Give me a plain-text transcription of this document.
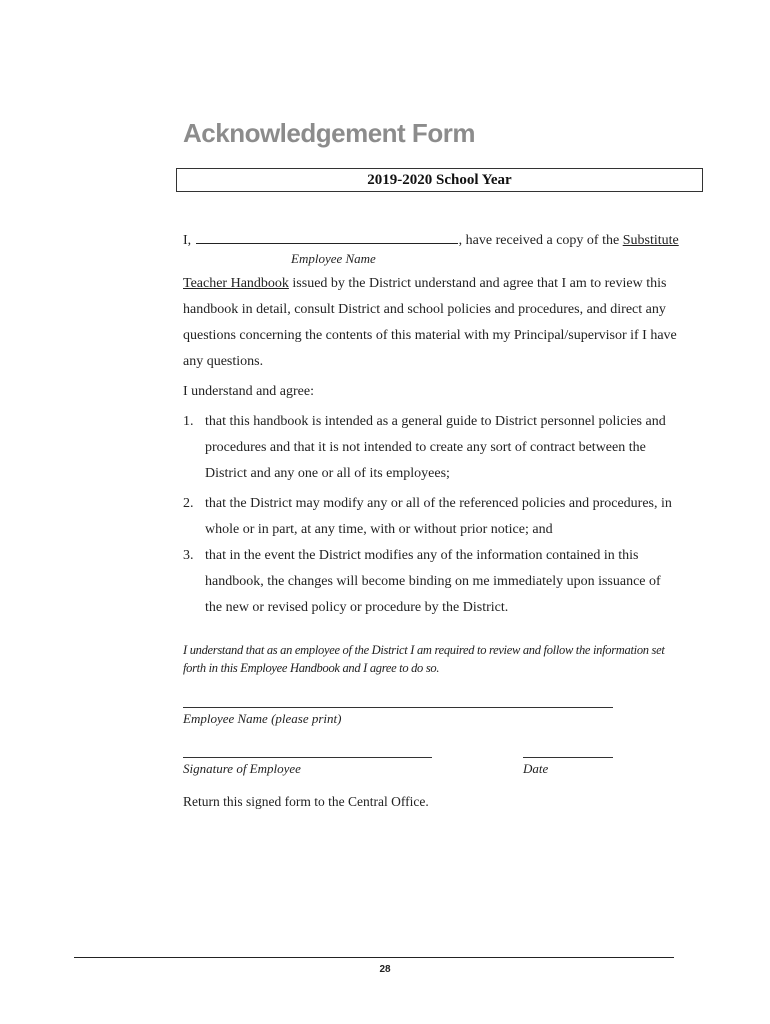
Acknowledgement Form
2019-2020 School Year
I,	, have received a copy of the Substitute
Employee Name
Teacher Handbook issued by the District understand and agree that I am to review this
handbook in detail, consult District and school policies and procedures, and direct any
questions concerning the contents of this material with my Principal/supervisor if I have
any questions.
I understand and agree:
1. that this handbook is intended as a general guide to District personnel policies and
procedures and that it is not intended to create any sort of contract between the
District and any one or all of its employees;
2. that the District may modify any or all of the referenced policies and procedures, in
whole or in part, at any time, with or without prior notice; and
3. that in the event the District modifies any of the information contained in this
handbook, the changes will become binding on me immediately upon issuance of
the new or revised policy or procedure by the District.
I understand that as an employee of the District I am required to review and follow the information set
forth in this Employee Handbook and I agree to do so.
Employee Name (please print)
Signature of Employee	Date
Return this signed form to the Central Office.
28
